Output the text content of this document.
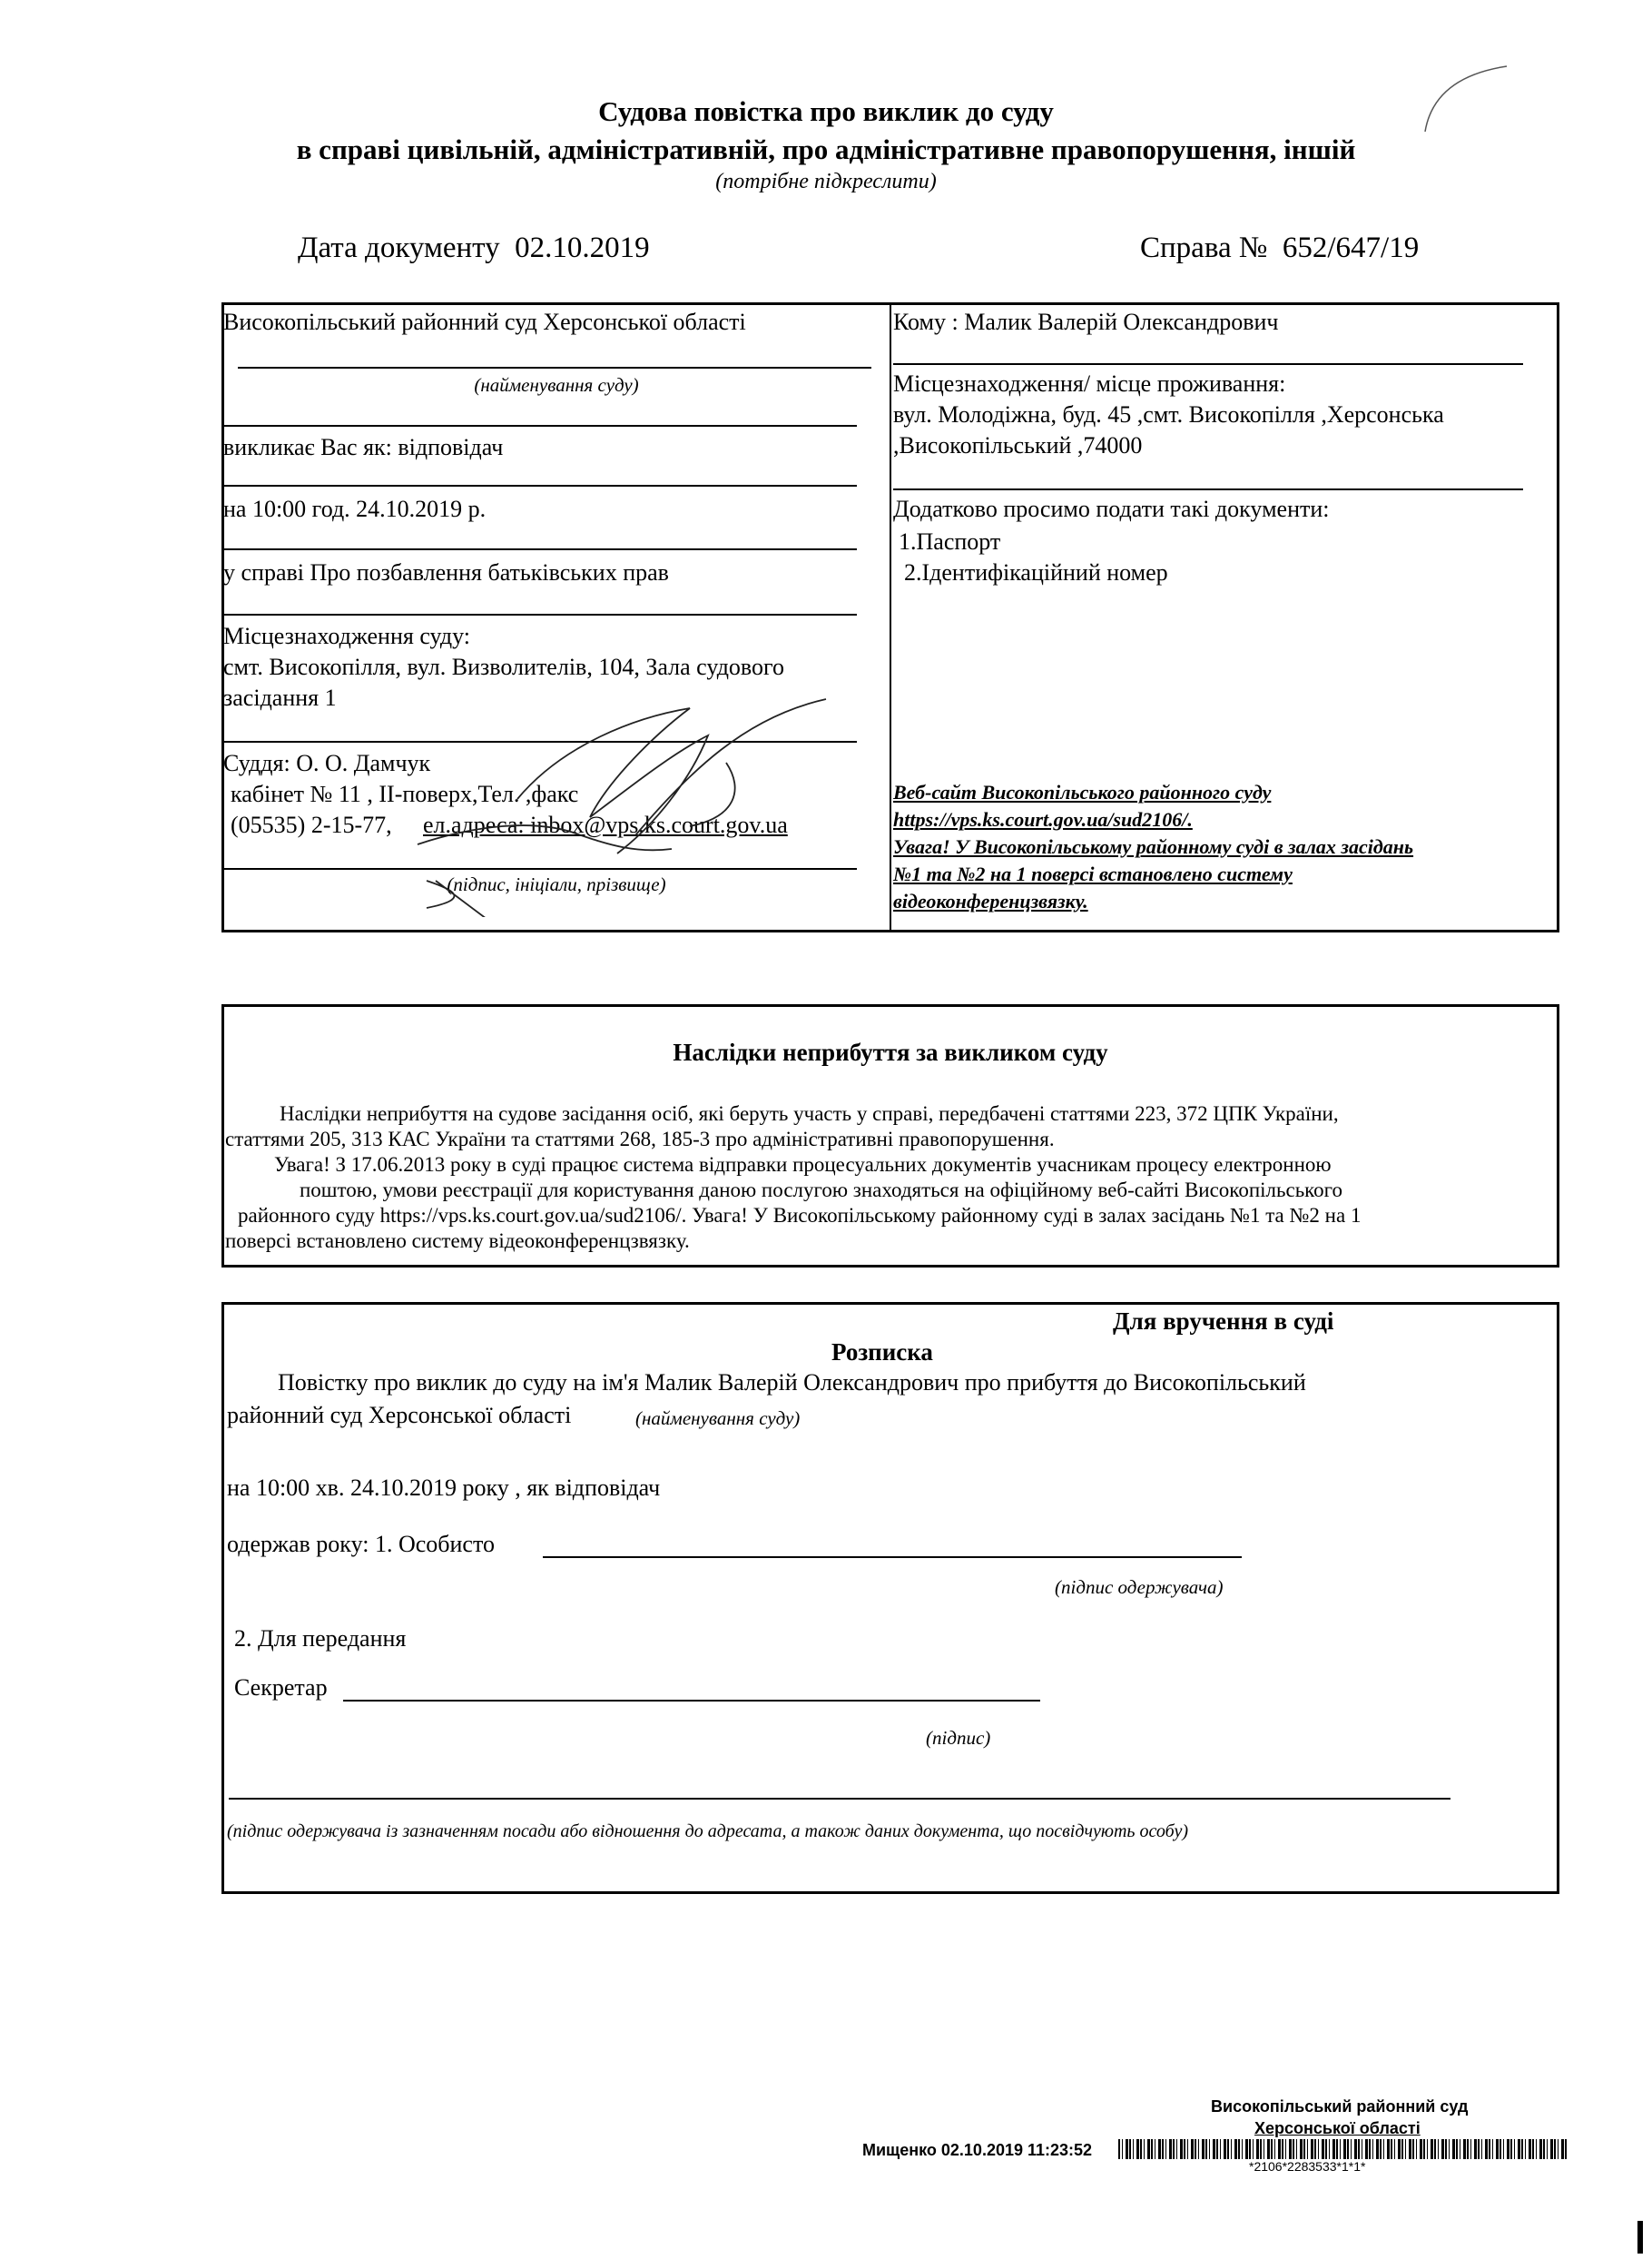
Судова повістка про виклик до суду
в справі цивільній, адміністративній, про адміністративне правопорушення, іншій
(потрібне підкреслити)
Дата документу 02.10.2019	Справа № 652/647/19
Високопільський районний суд Херсонської області
(найменування суду)
викликає Вас як: відповідач
на 10:00 год. 24.10.2019 р.
у справі Про позбавлення батьківських прав
Місцезнаходження суду:
смт. Високопілля, вул. Визволителів, 104, Зала судового
засідання 1
Суддя: О. О. Дамчук
кабінет № 11 , ІІ-поверх,Тел. ,факс
(05535) 2-15-77, ел.адреса: inbox@vps.ks.court.gov.ua
(підпис, ініціали, прізвище)
Кому : Малик Валерій Олександрович
Місцезнаходження/ місце проживання:
вул. Молодіжна, буд. 45 ,смт. Високопілля ,Херсонська
,Високопільський ,74000
Додатково просимо подати такі документи:
1.Паспорт
2.Ідентифікаційний номер
Веб-сайт Високопільського районного суду
https://vps.ks.court.gov.ua/sud2106/.
Увага! У Високопільському районному суді в залах засідань
№1 та №2 на 1 поверсі встановлено систему
відеоконференцзвязку.
Наслідки неприбуття за викликом суду
Наслідки неприбуття на судове засідання осіб, які беруть участь у справі, передбачені статтями 223, 372 ЦПК України,
статтями 205, 313 КАС України та статтями 268, 185-3 про адміністративні правопорушення.
Увага! З 17.06.2013 року в суді працює система відправки процесуальних документів учасникам процесу електронною
поштою, умови реєстрації для користування даною послугою знаходяться на офіційному веб-сайті Високопільського
районного суду https://vps.ks.court.gov.ua/sud2106/. Увага! У Високопільському районному суді в залах засідань №1 та №2 на 1
поверсі встановлено систему відеоконференцзвязку.
Для вручення в суді
Розписка
Повістку прo виклик до суду на ім'я Малик Валерій Олександрович про прибуття дo Високопільський
районний суд Херсонської області	(найменування суду)
на 10:00 хв. 24.10.2019 року , як відповідач
одержав року: 1. Особисто
(підпис одержувача)
2. Для передання
Секретар
(підпис)
(підпис одержувача із зазначенням посади або відношення до адресата, а також даних документа, що посвідчують особу)
Високопільський районний суд
Херсонської області
Мищенко 02.10.2019 11:23:52
*2106*2283533*1*1*
